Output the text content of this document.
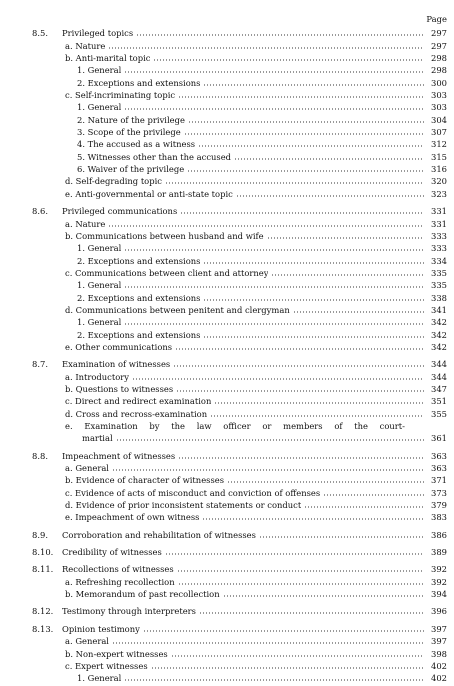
Page
8.5.	Privileged topics	297
a. Nature	297
b. Anti-marital topic	298
1. General	298
2. Exceptions and extensions	300
c. Self-incriminating topic	303
1. General	303
2. Nature of the privilege	304
3. Scope of the privilege	307
4. The accused as a witness	312
5. Witnesses other than the accused	315
6. Waiver of the privilege	316
d. Self-degrading topic	320
e. Anti-governmental or anti-state topic	323
8.6.	Privileged communications	331
a. Nature	331
b. Communications between husband and wife	333
1. General	333
2. Exceptions and extensions	334
c. Communications between client and attorney	335
1. General	335
2. Exceptions and extensions	338
d. Communications between penitent and clergyman	341
1. General	342
2. Exceptions and extensions	342
e. Other communications	342
8.7.	Examination of witnesses	344
a. Introductory	344
b. Questions to witnesses	347
c. Direct and redirect examination	351
d. Cross and recross-examination	355
e. Examination by the law officer or members of the court-
martial	361
8.8.	Impeachment of witnesses	363
a. General	363
b. Evidence of character of witnesses	371
c. Evidence of acts of misconduct and conviction of offenses	373
d. Evidence of prior inconsistent statements or conduct	379
e. Impeachment of own witness	383
8.9.	Corroboration and rehabilitation of witnesses	386
8.10.	Credibility of witnesses	389
8.11.	Recollections of witnesses	392
a. Refreshing recollection	392
b. Memorandum of past recollection	394
8.12.	Testimony through interpreters	396
8.13.	Opinion testimony	397
a. General	397
b. Non-expert witnesses	398
c. Expert witnesses	402
1. General	402
